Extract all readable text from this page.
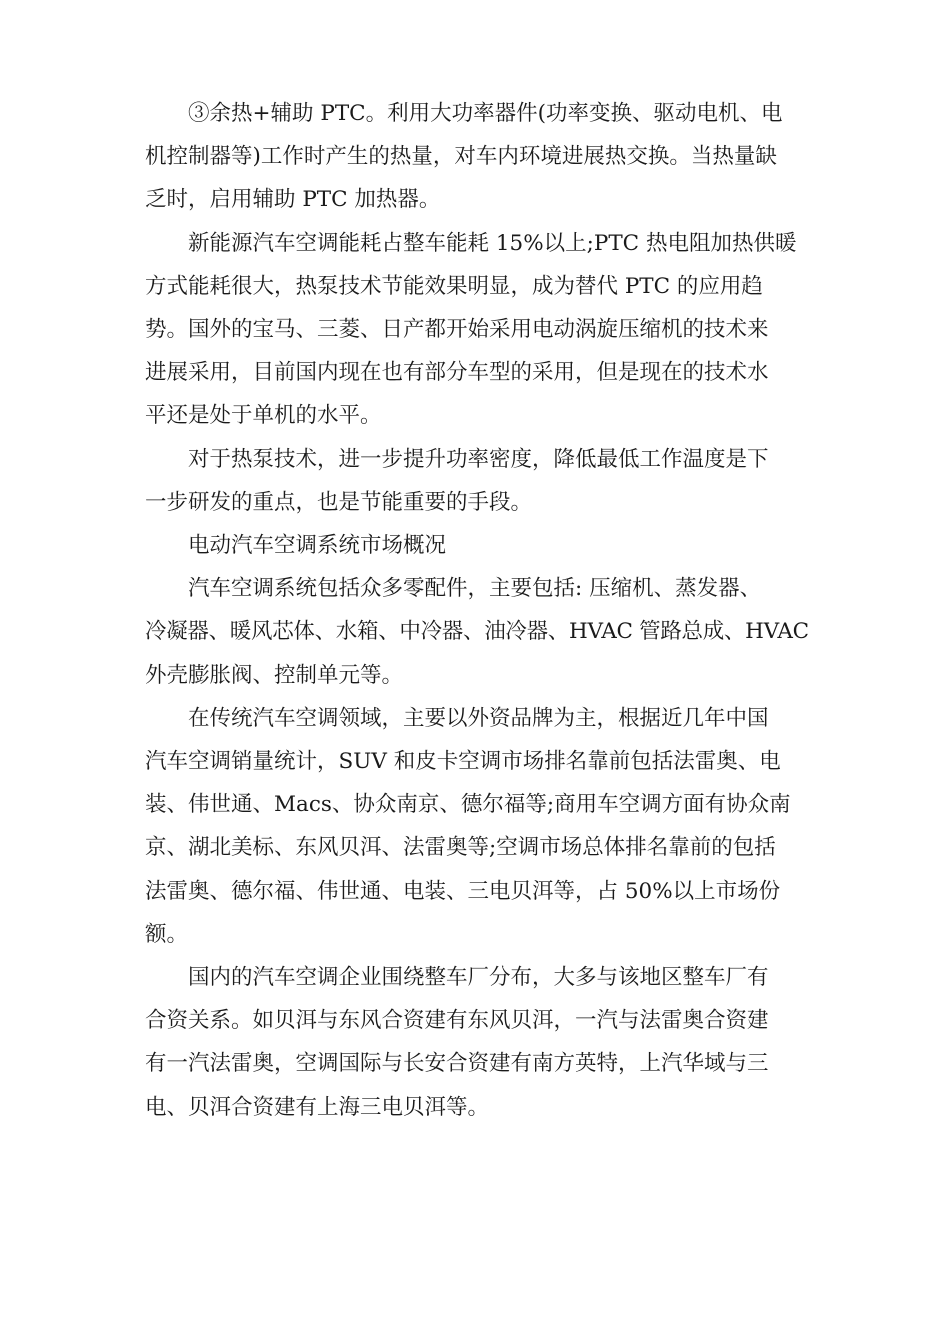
③余热+辅助 PTC。利用大功率器件(功率变换、驱动电机、电
机控制器等)工作时产生的热量，对车内环境进展热交换。当热量缺
乏时，启用辅助 PTC 加热器。
新能源汽车空调能耗占整车能耗 15%以上;PTC 热电阻加热供暖
方式能耗很大，热泵技术节能效果明显，成为替代 PTC 的应用趋
势。国外的宝马、三菱、日产都开始采用电动涡旋压缩机的技术来
进展采用，目前国内现在也有部分车型的采用，但是现在的技术水
平还是处于单机的水平。
对于热泵技术，进一步提升功率密度，降低最低工作温度是下
一步研发的重点，也是节能重要的手段。
电动汽车空调系统市场概况
汽车空调系统包括众多零配件，主要包括: 压缩机、蒸发器、
冷凝器、暖风芯体、水箱、中冷器、油冷器、HVAC 管路总成、HVAC
外壳膨胀阀、控制单元等。
在传统汽车空调领域，主要以外资品牌为主，根据近几年中国
汽车空调销量统计，SUV 和皮卡空调市场排名靠前包括法雷奥、电
装、伟世通、Macs、协众南京、德尔福等;商用车空调方面有协众南
京、湖北美标、东风贝洱、法雷奥等;空调市场总体排名靠前的包括
法雷奥、德尔福、伟世通、电装、三电贝洱等，占 50%以上市场份
额。
国内的汽车空调企业围绕整车厂分布，大多与该地区整车厂有
合资关系。如贝洱与东风合资建有东风贝洱，一汽与法雷奥合资建
有一汽法雷奥，空调国际与长安合资建有南方英特，上汽华域与三
电、贝洱合资建有上海三电贝洱等。
